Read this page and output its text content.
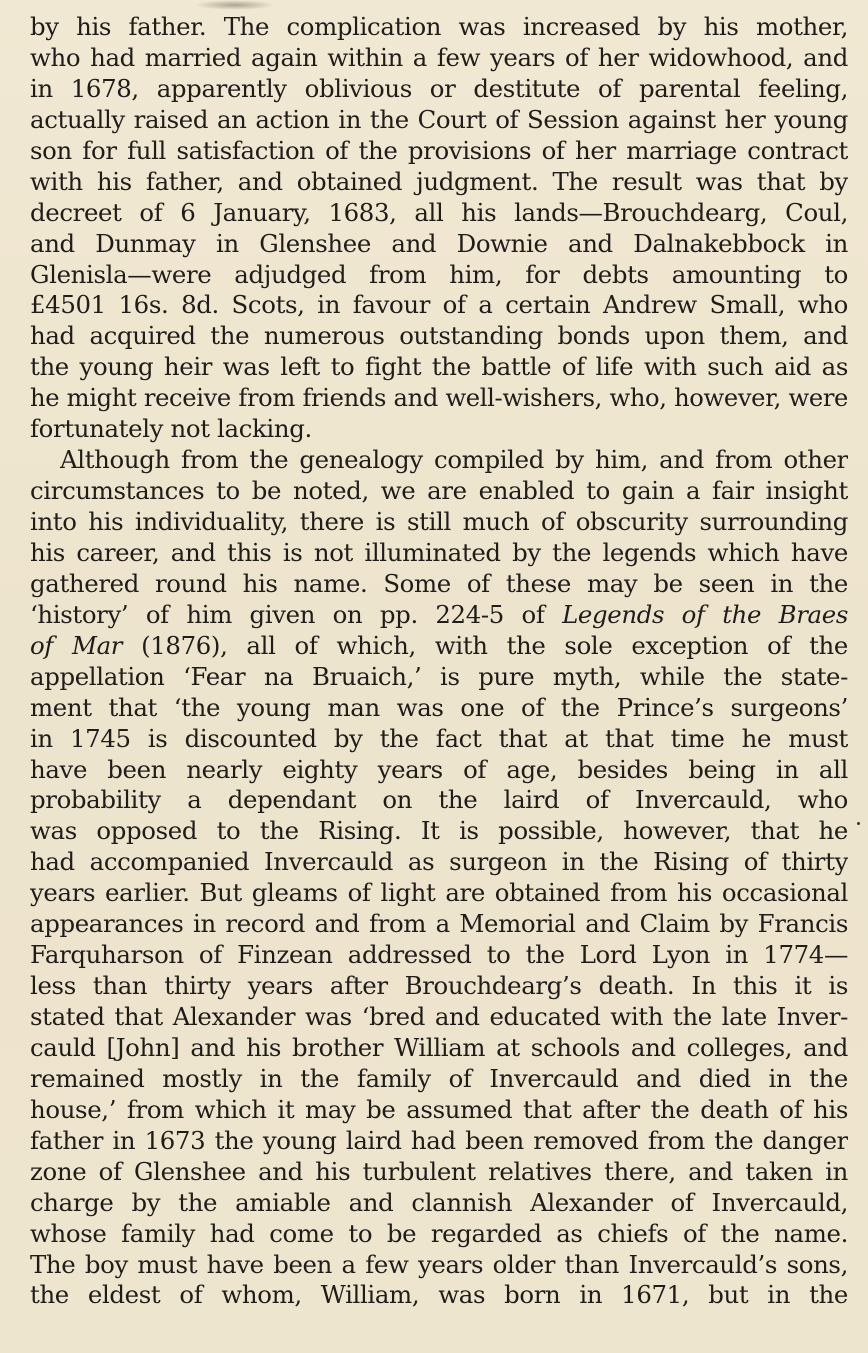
by his father. The complication was increased by his mother,
who had married again within a few years of her widowhood, and
in 1678, apparently oblivious or destitute of parental feeling,
actually raised an action in the Court of Session against her young
son for full satisfaction of the provisions of her marriage contract
with his father, and obtained judgment. The result was that by
decreet of 6 January, 1683, all his lands—Brouchdearg, Coul,
and Dunmay in Glenshee and Downie and Dalnakebbock in
Glenisla—were adjudged from him, for debts amounting to
£4501 16s. 8d. Scots, in favour of a certain Andrew Small, who
had acquired the numerous outstanding bonds upon them, and
the young heir was left to fight the battle of life with such aid as
he might receive from friends and well-wishers, who, however, were
fortunately not lacking.
Although from the genealogy compiled by him, and from other
circumstances to be noted, we are enabled to gain a fair insight
into his individuality, there is still much of obscurity surrounding
his career, and this is not illuminated by the legends which have
gathered round his name. Some of these may be seen in the
‘history’ of him given on pp. 224-5 of Legends of the Braes
of Mar (1876), all of which, with the sole exception of the
appellation ‘Fear na Bruaich,’ is pure myth, while the state-
ment that ‘the young man was one of the Prince’s surgeons’
in 1745 is discounted by the fact that at that time he must
have been nearly eighty years of age, besides being in all
probability a dependant on the laird of Invercauld, who
was opposed to the Rising. It is possible, however, that he
had accompanied Invercauld as surgeon in the Rising of thirty
years earlier. But gleams of light are obtained from his occasional
appearances in record and from a Memorial and Claim by Francis
Farquharson of Finzean addressed to the Lord Lyon in 1774—
less than thirty years after Brouchdearg’s death. In this it is
stated that Alexander was ‘bred and educated with the late Inver-
cauld [John] and his brother William at schools and colleges, and
remained mostly in the family of Invercauld and died in the
house,’ from which it may be assumed that after the death of his
father in 1673 the young laird had been removed from the danger
zone of Glenshee and his turbulent relatives there, and taken in
charge by the amiable and clannish Alexander of Invercauld,
whose family had come to be regarded as chiefs of the name.
The boy must have been a few years older than Invercauld’s sons,
the eldest of whom, William, was born in 1671, but in the
